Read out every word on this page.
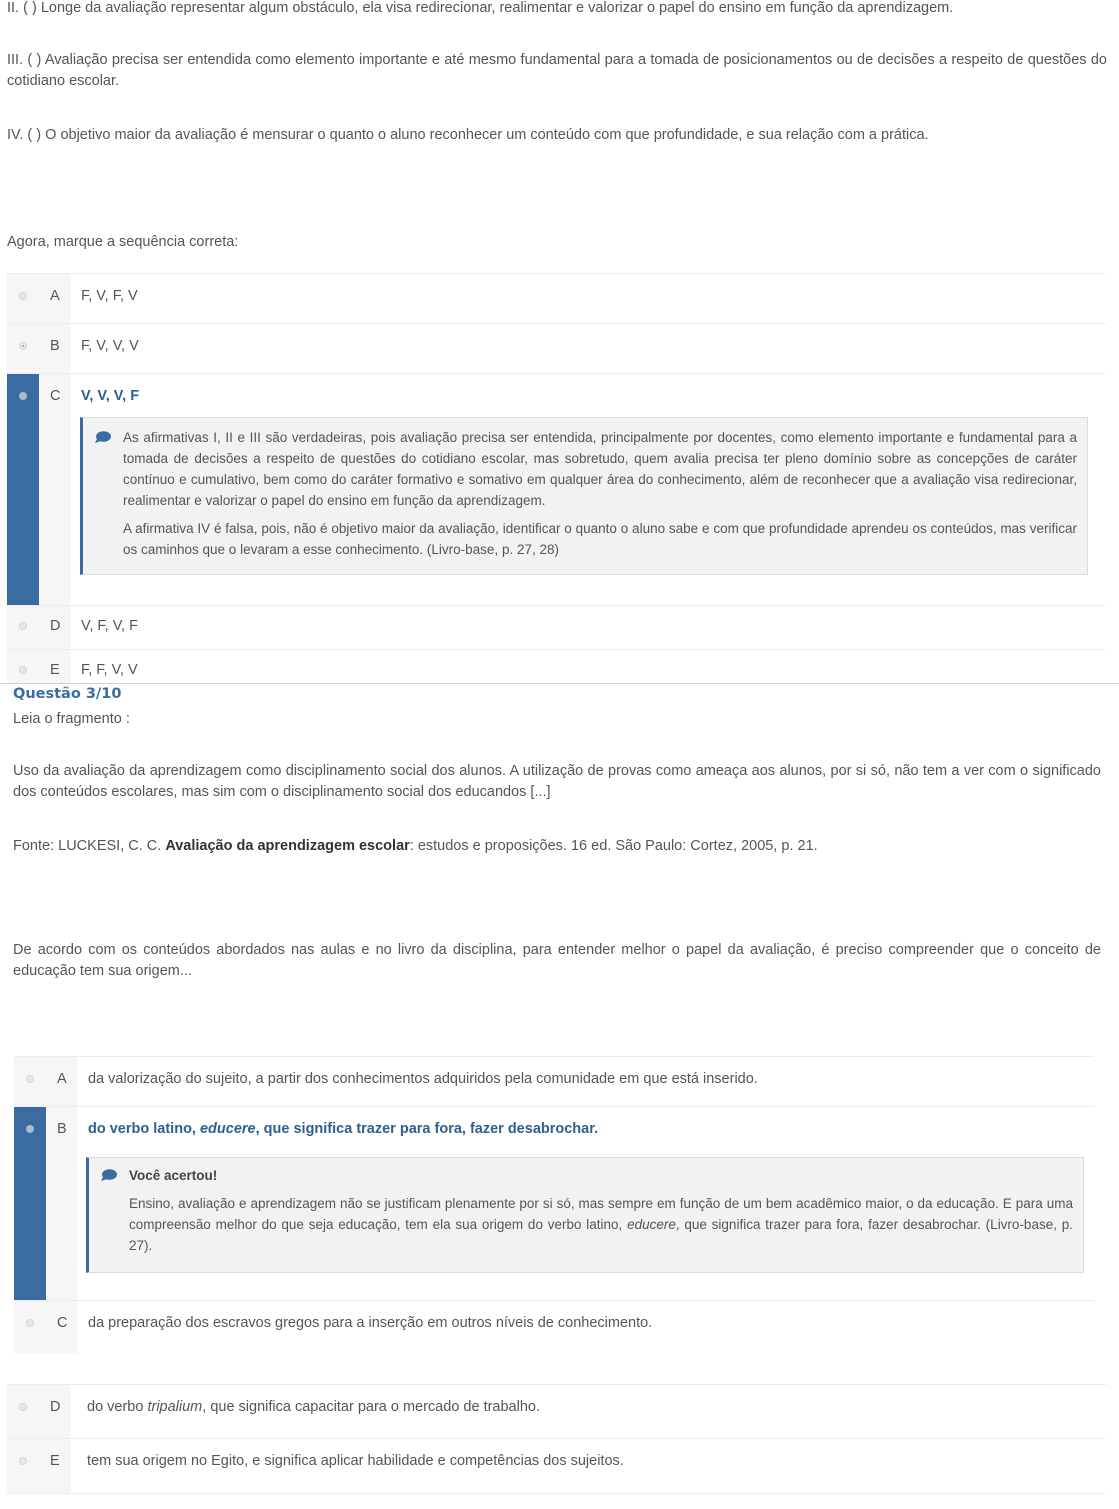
II. ( ) Longe da avaliação representar algum obstáculo, ela visa redirecionar, realimentar e valorizar o papel do ensino em função da aprendizagem.

III. ( ) Avaliação precisa ser entendida como elemento importante e até mesmo fundamental para a tomada de posicionamentos ou de decisões a respeito de questões do cotidiano escolar.

IV. ( ) O objetivo maior da avaliação é mensurar o quanto o aluno reconhecer um conteúdo com que profundidade, e sua relação com a prática.

Agora, marque a sequência correta:

A F, V, F, V
B F, V, V, V
C V, V, V, F

As afirmativas I, II e III são verdadeiras, pois avaliação precisa ser entendida, principalmente por docentes, como elemento importante e fundamental para a tomada de decisões a respeito de questões do cotidiano escolar, mas sobretudo, quem avalia precisa ter pleno domínio sobre as concepções de caráter contínuo e cumulativo, bem como do caráter formativo e somativo em qualquer área do conhecimento, além de reconhecer que a avaliação visa redirecionar, realimentar e valorizar o papel do ensino em função da aprendizagem.

A afirmativa IV é falsa, pois, não é objetivo maior da avaliação, identificar o quanto o aluno sabe e com que profundidade aprendeu os conteúdos, mas verificar os caminhos que o levaram a esse conhecimento. (Livro-base, p. 27, 28)

D V, F, V, F
E F, F, V, V
Questão 3/10

Leia o fragmento :

Uso da avaliação da aprendizagem como disciplinamento social dos alunos. A utilização de provas como ameaça aos alunos, por si só, não tem a ver com o significado dos conteúdos escolares, mas sim com o disciplinamento social dos educandos [...]

Fonte: LUCKESI, C. C. Avaliação da aprendizagem escolar: estudos e proposições. 16 ed. São Paulo: Cortez, 2005, p. 21.

De acordo com os conteúdos abordados nas aulas e no livro da disciplina, para entender melhor o papel da avaliação, é preciso compreender que o conceito de educação tem sua origem...

A da valorização do sujeito, a partir dos conhecimentos adquiridos pela comunidade em que está inserido.
B do verbo latino, educere, que significa trazer para fora, fazer desabrochar.

Você acertou!

Ensino, avaliação e aprendizagem não se justificam plenamente por si só, mas sempre em função de um bem acadêmico maior, o da educação. E para uma compreensão melhor do que seja educação, tem ela sua origem do verbo latino, educere, que significa trazer para fora, fazer desabrochar. (Livro-base, p. 27).

C da preparação dos escravos gregos para a inserção em outros níveis de conhecimento.
D do verbo tripalium, que significa capacitar para o mercado de trabalho.
E tem sua origem no Egito, e significa aplicar habilidade e competências dos sujeitos.
